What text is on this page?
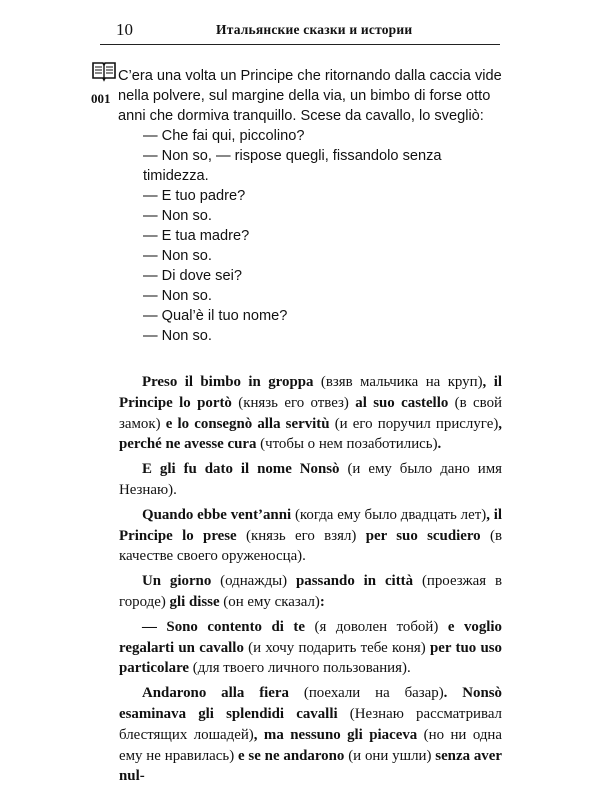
10	Итальянские сказки и истории
001

C’era una volta un Principe che ritornando dalla caccia vide nella polvere, sul margine della via, un bimbo di forse otto anni che dormiva tranquillo. Scese da cavallo, lo svegliò:

— Che fai qui, piccolino?
— Non so, — rispose quegli, fissandolo senza timidezza.
— E tuo padre?
— Non so.
— E tua madre?
— Non so.
— Di dove sei?
— Non so.
— Qual’è il tuo nome?
— Non so.

Preso il bimbo in groppa (взяв мальчика на круп), il Principe lo portò (князь его отвез) al suo castello (в свой замок) e lo consegnò alla servitù (и его поручил прислуге), perché ne avesse cura (чтобы о нем позаботились).

E gli fu dato il nome Nonsò (и ему было дано имя Незнаю).

Quando ebbe vent’anni (когда ему было двадцать лет), il Principe lo prese (князь его взял) per suo scudiero (в качестве своего оруженосца).

Un giorno (однажды) passando in città (проезжая в городе) gli disse (он ему сказал):

— Sono contento di te (я доволен тобой) e voglio regalarti un cavallo (и хочу подарить тебе коня) per tuo uso particolare (для твоего личного пользования).

Andarono alla fiera (поехали на базар). Nonsò esaminava gli splendidi cavalli (Незнаю рассматривал блестящих лошадей), ma nessuno gli piaceva (но ни одна ему не нравилась) e se ne andarono (и они ушли) senza aver nul-
